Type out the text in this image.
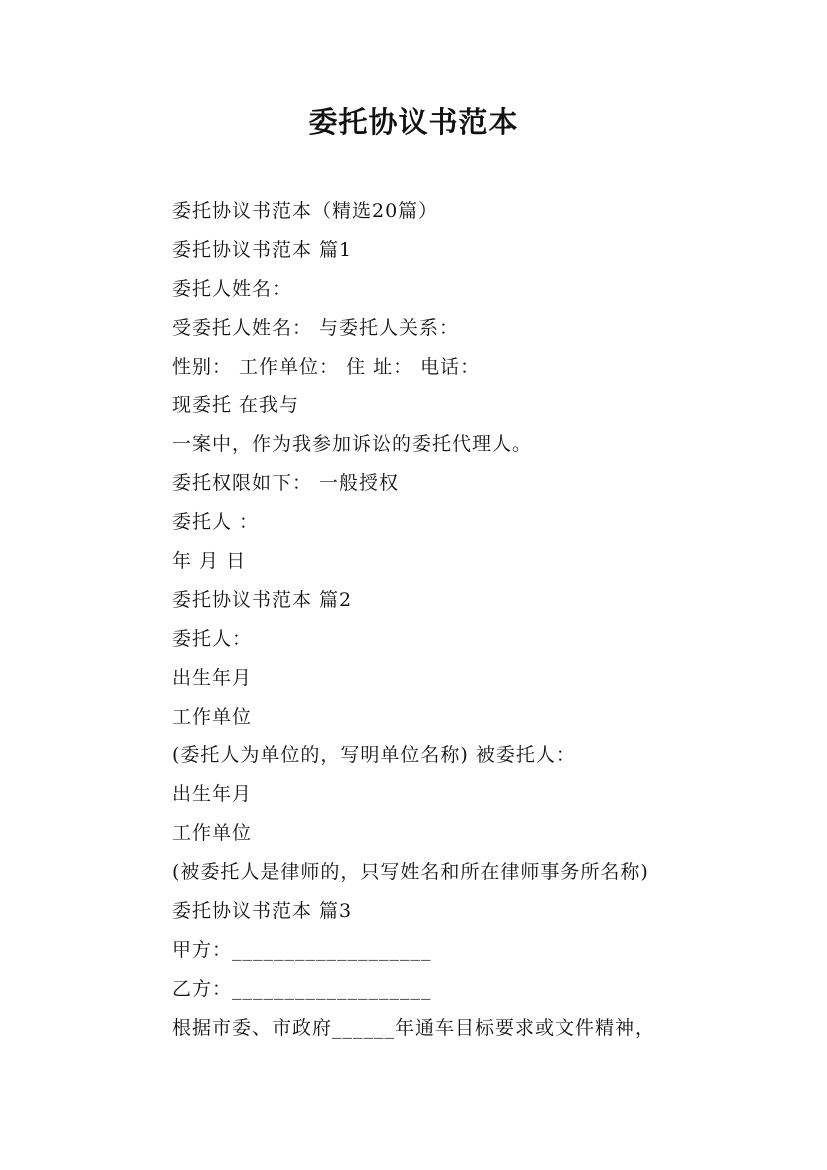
委托协议书范本
委托协议书范本（精选20篇）
委托协议书范本 篇1
委托人姓名：
受委托人姓名： 与委托人关系：
性别： 工作单位： 住 址： 电话：
现委托 在我与
一案中，作为我参加诉讼的委托代理人。
委托权限如下： 一般授权
委托人 ：
年 月 日
委托协议书范本 篇2
委托人：
出生年月
工作单位
(委托人为单位的，写明单位名称) 被委托人：
出生年月
工作单位
(被委托人是律师的，只写姓名和所在律师事务所名称)
委托协议书范本 篇3
甲方：___________________
乙方：___________________
根据市委、市政府______年通车目标要求或文件精神，
